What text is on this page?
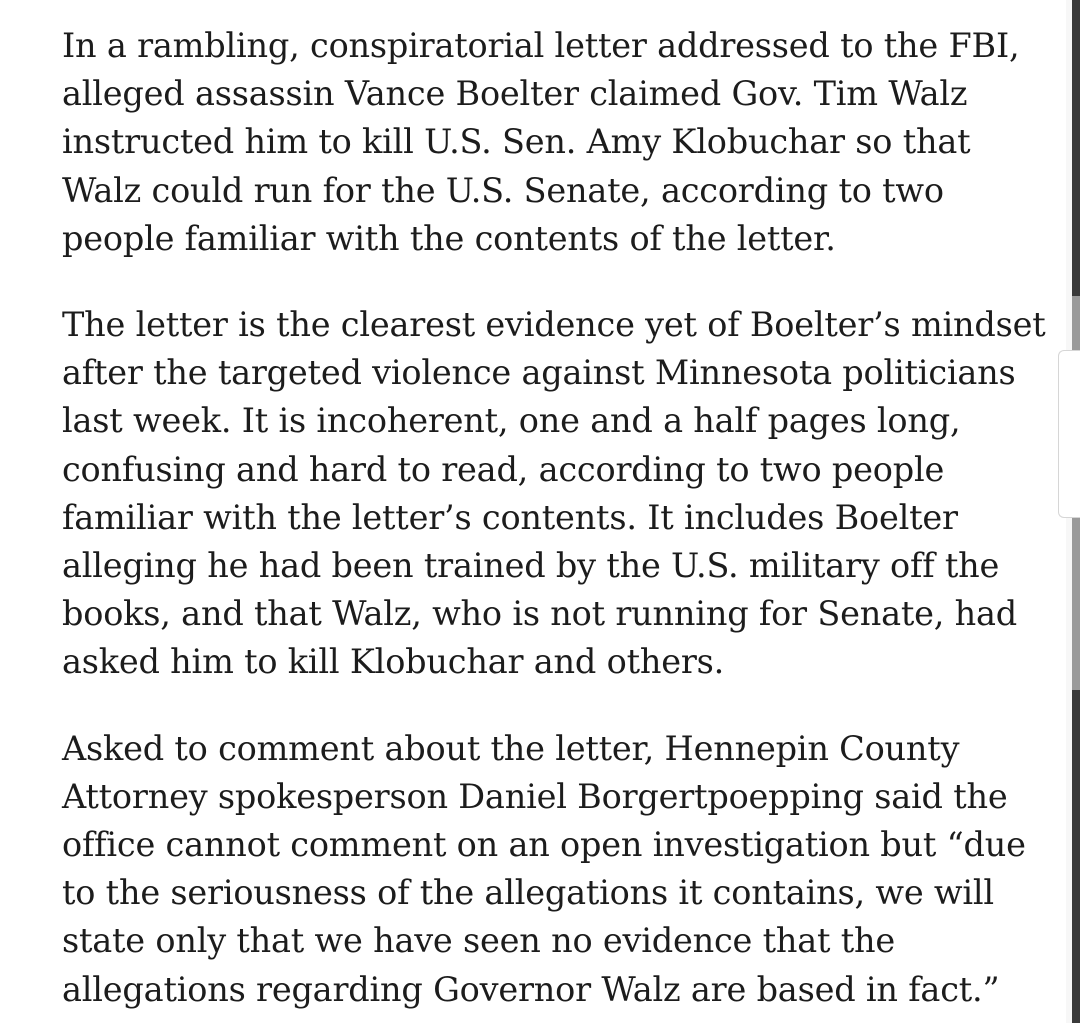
In a rambling, conspiratorial letter addressed to the FBI,
alleged assassin Vance Boelter claimed Gov. Tim Walz
instructed him to kill U.S. Sen. Amy Klobuchar so that
Walz could run for the U.S. Senate, according to two
people familiar with the contents of the letter.

The letter is the clearest evidence yet of Boelter’s mindset
after the targeted violence against Minnesota politicians
last week. It is incoherent, one and a half pages long,
confusing and hard to read, according to two people
familiar with the letter’s contents. It includes Boelter
alleging he had been trained by the U.S. military off the
books, and that Walz, who is not running for Senate, had
asked him to kill Klobuchar and others.

Asked to comment about the letter, Hennepin County
Attorney spokesperson Daniel Borgertpoepping said the
office cannot comment on an open investigation but “due
to the seriousness of the allegations it contains, we will
state only that we have seen no evidence that the
allegations regarding Governor Walz are based in fact.”
